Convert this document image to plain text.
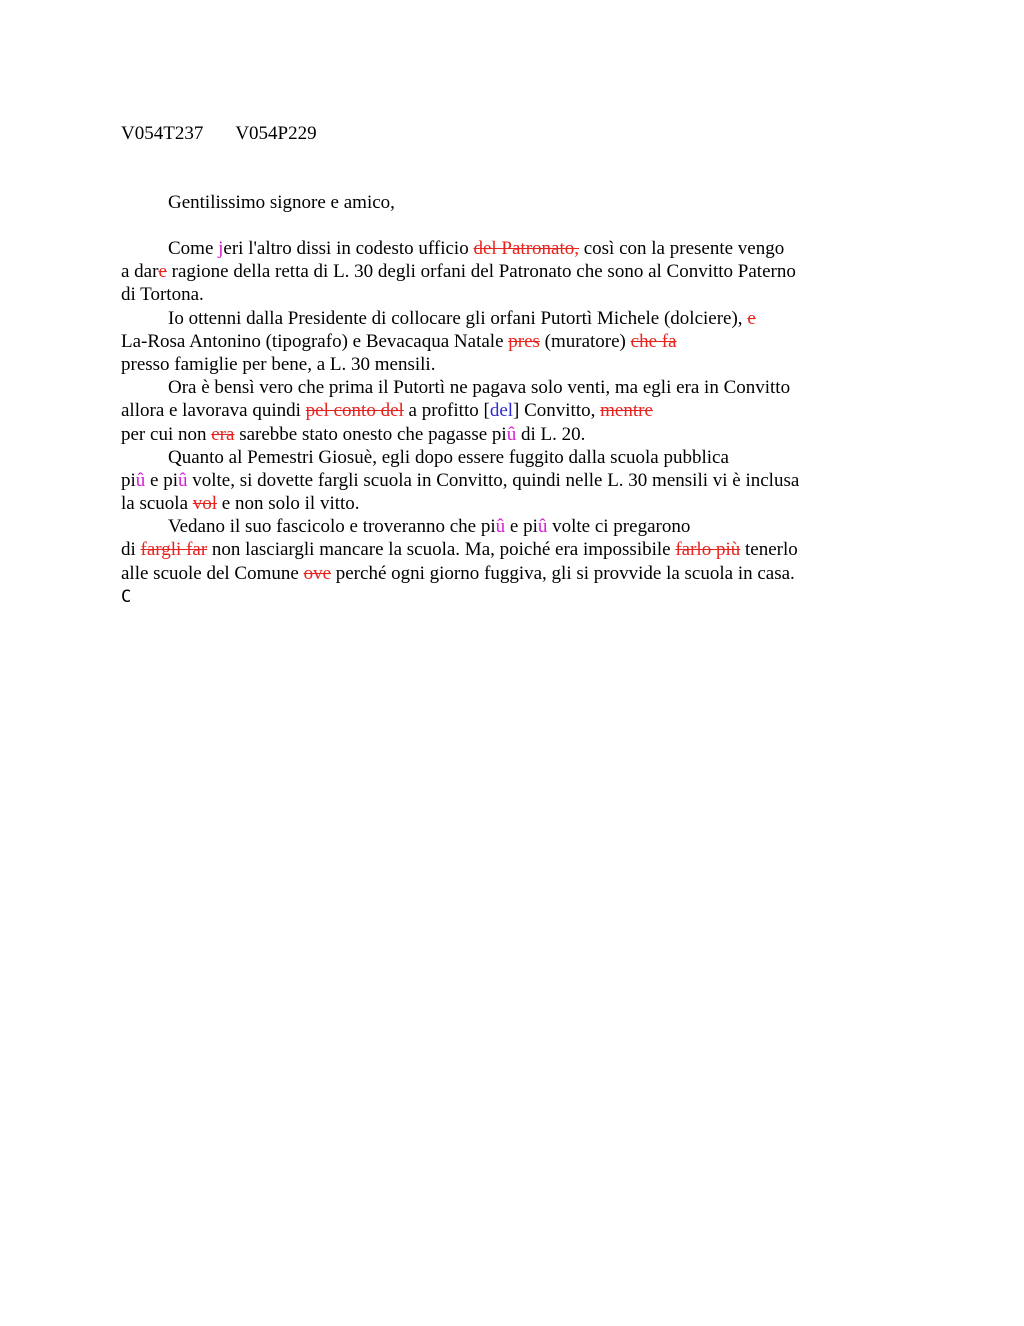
V054T237 V054P229
Gentilissimo signore e amico,
Come jeri l'altro dissi in codesto ufficio del Patronato, così con la presente vengo
a dare ragione della retta di L. 30 degli orfani del Patronato che sono al Convitto Paterno
di Tortona.
Io ottenni dalla Presidente di collocare gli orfani Putortì Michele (dolciere), e
La-Rosa Antonino (tipografo) e Bevacaqua Natale pres (muratore) che fa
presso famiglie per bene, a L. 30 mensili.
Ora è bensì vero che prima il Putortì ne pagava solo venti, ma egli era in Convitto
allora e lavorava quindi pel conto del a profitto [del] Convitto, mentre
per cui non era sarebbe stato onesto che pagasse piû di L. 20.
Quanto al Pemestri Giosuè, egli dopo essere fuggito dalla scuola pubblica
piû e piû volte, si dovette fargli scuola in Convitto, quindi nelle L. 30 mensili vi è inclusa
la scuola vol e non solo il vitto.
Vedano il suo fascicolo e troveranno che piû e piû volte ci pregarono
di fargli far non lasciargli mancare la scuola. Ma, poiché era impossibile farlo più tenerlo
alle scuole del Comune ove perché ogni giorno fuggiva, gli si provvide la scuola in casa.
C
